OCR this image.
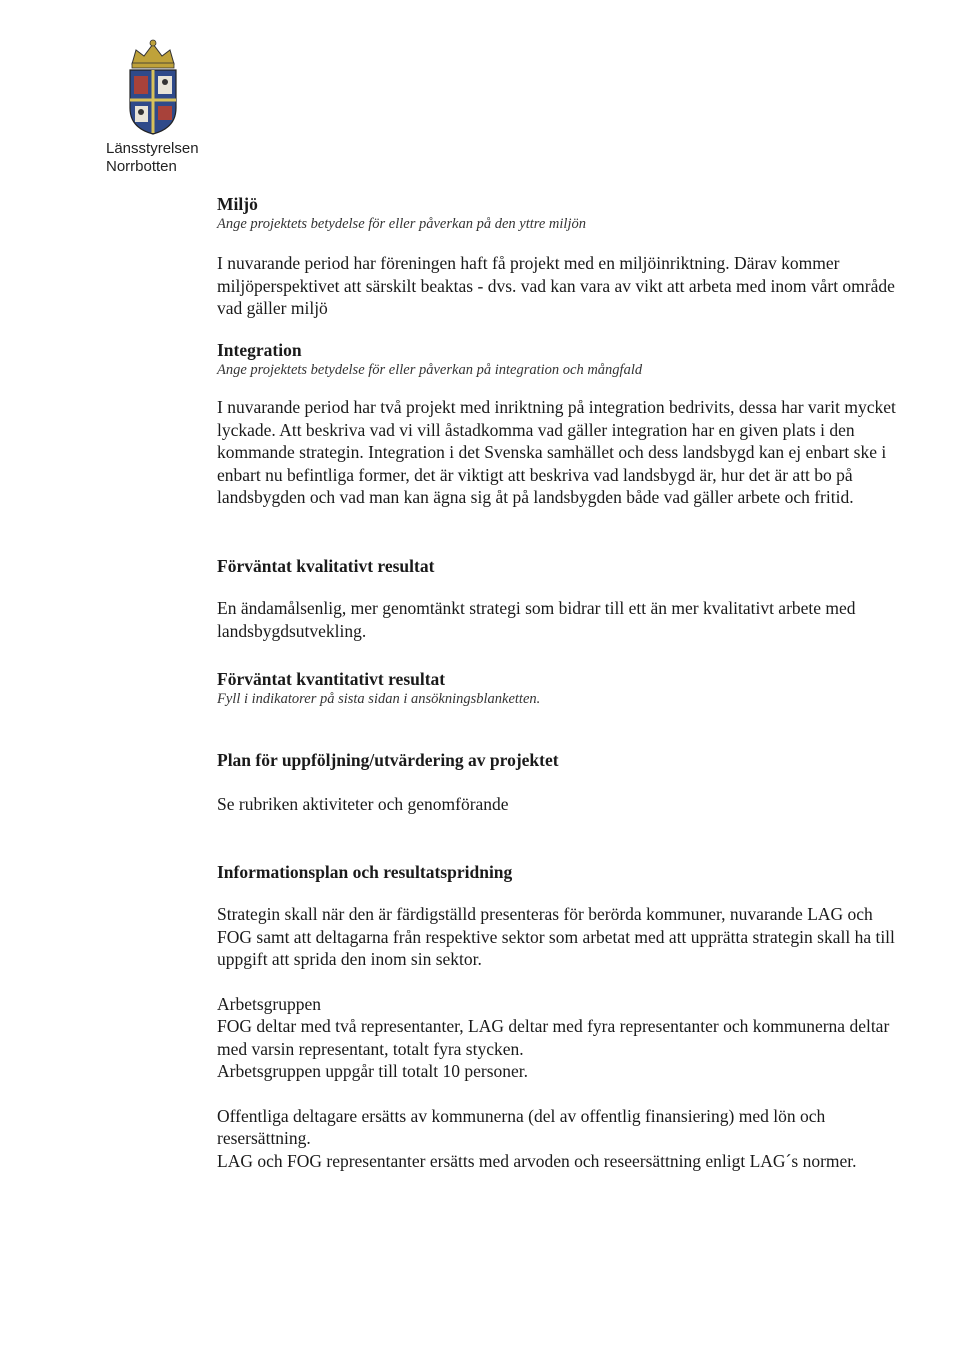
Länsstyrelsen
Norrbotten
Miljö
Ange projektets betydelse för eller påverkan på den yttre miljön

I nuvarande period har föreningen haft få projekt med en miljöinriktning. Därav kommer miljöperspektivet att särskilt beaktas - dvs. vad kan vara av vikt att arbeta med inom vårt område vad gäller miljö

Integration
Ange projektets betydelse för eller påverkan på integration och mångfald

I nuvarande period har två projekt med inriktning på integration bedrivits, dessa har varit mycket lyckade. Att beskriva vad vi vill åstadkomma vad gäller integration har en given plats i den kommande strategin. Integration i det Svenska samhället och dess landsbygd kan ej enbart ske i enbart nu befintliga former, det är viktigt att beskriva vad landsbygd är, hur det är att bo på landsbygden och vad man kan ägna sig åt på landsbygden både vad gäller arbete och fritid.

Förväntat kvalitativt resultat

En ändamålsenlig, mer genomtänkt strategi som bidrar till ett än mer kvalitativt arbete med landsbygdsutvekling.

Förväntat kvantitativt resultat
Fyll i indikatorer på sista sidan i ansökningsblanketten.
Plan för uppföljning/utvärdering av projektet

Se rubriken aktiviteter och genomförande

Informationsplan och resultatspridning

Strategin skall när den är färdigställd presenteras för berörda kommuner, nuvarande LAG och FOG samt att deltagarna från respektive sektor som arbetat med att upprätta strategin skall ha till uppgift att sprida den inom sin sektor.

Arbetsgruppen

FOG deltar med två representanter, LAG deltar med fyra representanter och kommunerna deltar med varsin representant, totalt fyra stycken.

Arbetsgruppen uppgår till totalt 10 personer.

Offentliga deltagare ersätts av kommunerna (del av offentlig finansiering) med lön och resersättning.

LAG och FOG representanter ersätts med arvoden och reseersättning enligt LAG´s normer.
